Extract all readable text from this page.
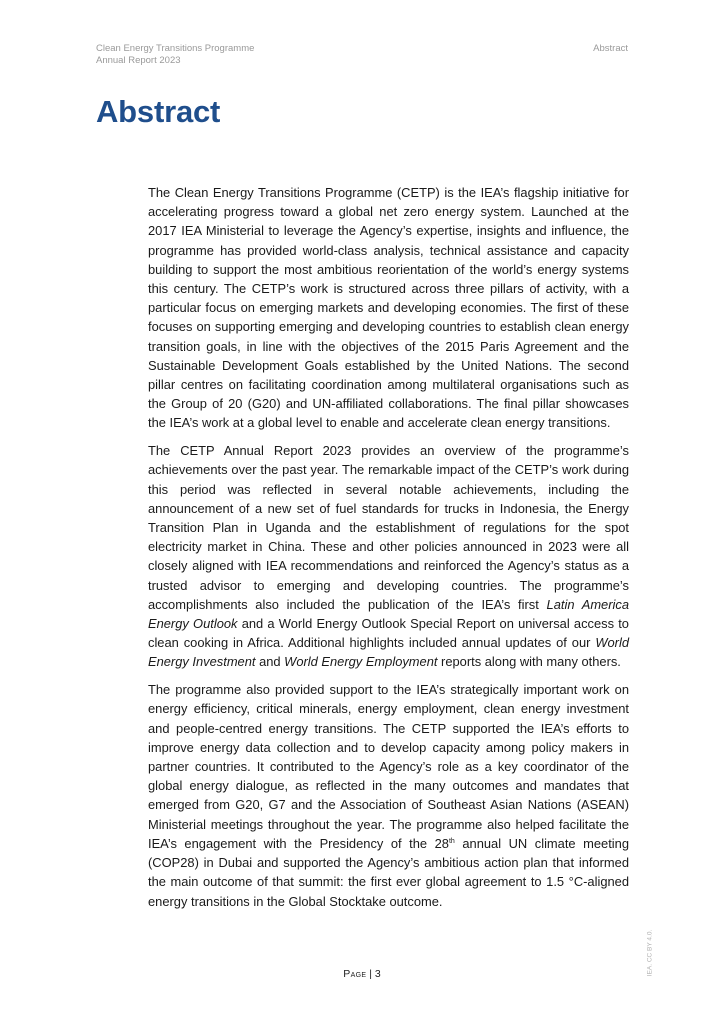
Clean Energy Transitions Programme
Annual Report 2023
Abstract
Abstract

The Clean Energy Transitions Programme (CETP) is the IEA’s flagship initiative for accelerating progress toward a global net zero energy system. Launched at the 2017 IEA Ministerial to leverage the Agency’s expertise, insights and influence, the programme has provided world-class analysis, technical assistance and capacity building to support the most ambitious reorientation of the world’s energy systems this century. The CETP’s work is structured across three pillars of activity, with a particular focus on emerging markets and developing economies. The first of these focuses on supporting emerging and developing countries to establish clean energy transition goals, in line with the objectives of the 2015 Paris Agreement and the Sustainable Development Goals established by the United Nations. The second pillar centres on facilitating coordination among multilateral organisations such as the Group of 20 (G20) and UN-affiliated collaborations. The final pillar showcases the IEA’s work at a global level to enable and accelerate clean energy transitions.

The CETP Annual Report 2023 provides an overview of the programme’s achievements over the past year. The remarkable impact of the CETP’s work during this period was reflected in several notable achievements, including the announcement of a new set of fuel standards for trucks in Indonesia, the Energy Transition Plan in Uganda and the establishment of regulations for the spot electricity market in China. These and other policies announced in 2023 were all closely aligned with IEA recommendations and reinforced the Agency’s status as a trusted advisor to emerging and developing countries. The programme’s accomplishments also included the publication of the IEA’s first Latin America Energy Outlook and a World Energy Outlook Special Report on universal access to clean cooking in Africa. Additional highlights included annual updates of our World Energy Investment and World Energy Employment reports along with many others.

The programme also provided support to the IEA’s strategically important work on energy efficiency, critical minerals, energy employment, clean energy investment and people-centred energy transitions. The CETP supported the IEA’s efforts to improve energy data collection and to develop capacity among policy makers in partner countries. It contributed to the Agency’s role as a key coordinator of the global energy dialogue, as reflected in the many outcomes and mandates that emerged from G20, G7 and the Association of Southeast Asian Nations (ASEAN) Ministerial meetings throughout the year. The programme also helped facilitate the IEA’s engagement with the Presidency of the 28th annual UN climate meeting (COP28) in Dubai and supported the Agency’s ambitious action plan that informed the main outcome of that summit: the first ever global agreement to 1.5 °C-aligned energy transitions in the Global Stocktake outcome.

IEA. CC BY 4.0.
Page | 3
